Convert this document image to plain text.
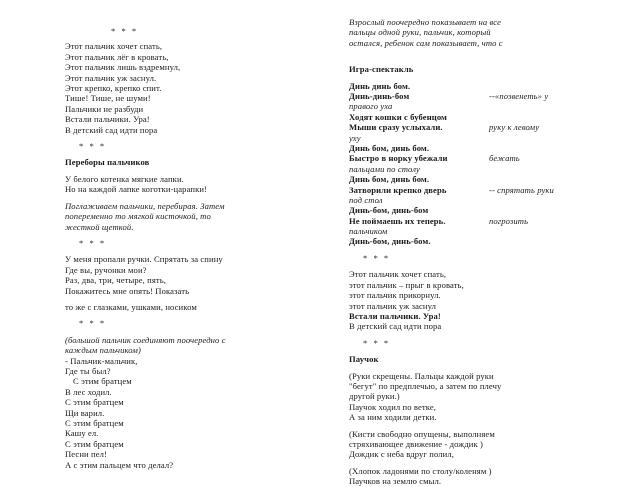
* * *
Этот пальчик хочет спать,
Этот пальчик лёг в кровать,
Этот пальчик лишь вздремнул,
Этот пальчик уж заснул.
Этот крепко, крепко спит.
Тише! Тише, не шуми!
Пальчики не разбуди
Встали пальчики. Ура!
В детский сад идти пора
* * *
Переборы пальчиков
У белого котенка мягкие лапки.
Но на каждой лапке коготки-царапки!
Поглаживаем пальчики, перебирая. Затем
попеременно то мягкой кисточкой, то
жесткой щеткой.
* * *
У меня пропали ручки. Спрятать за спину
Где вы, ручонки мои?
Раз, два, три, четыре, пять,
Покажитесь мне опять! Показать
то же с глазками, ушками, носиком
* * *
(большой пальчик соединяют поочередно с
каждым пальчиком)
- Пальчик-мальчик,
Где ты был?
С этим братцем
В лес ходил.
С этим братцем
Щи варил.
С этим братцем
Кашу ел.
С этим братцем
Песни пел!
А с этим пальцем что делал?
Взрослый поочередно показывает на все
пальцы одной руки, пальчик, который
остался, ребенок сам показывает, что с
Игра-спектакль
Динь динь бом.
Динь-динь-бом	--«позвенеть» у
правого уха
Ходят кошки с бубенцом
Мыши сразу услыхали.	руку к левому
уху
Динь бом, динь бом.
Быстро в норку убежали	бежать
пальцами по столу
Динь бом, динь бом.
Затворили крепко дверь	-- спрятать руки
под стол
Динь-бом, динь-бом
Не поймаешь их теперь.	погрозить
пальчиком
Динь-бом, динь-бом.
* * *
Этот пальчик хочет спать,
этот пальчик – прыг в кровать,
этот пальчик прикорнул.
этот пальчик уж заснул
Встали пальчики. Ура!
В детский сад идти пора
* * *
Паучок
(Руки скрещены. Пальцы каждой руки
"бегут" по предплечью, а затем по плечу
другой руки.)
Паучок ходил по ветке,
А за ним ходили детки.
(Кисти свободно опущены, выполняем
стряхивающее движение - дождик )
Дождик с неба вдруг полил,
(Хлопок ладонями по столу/коленям )
Паучков на землю смыл.
